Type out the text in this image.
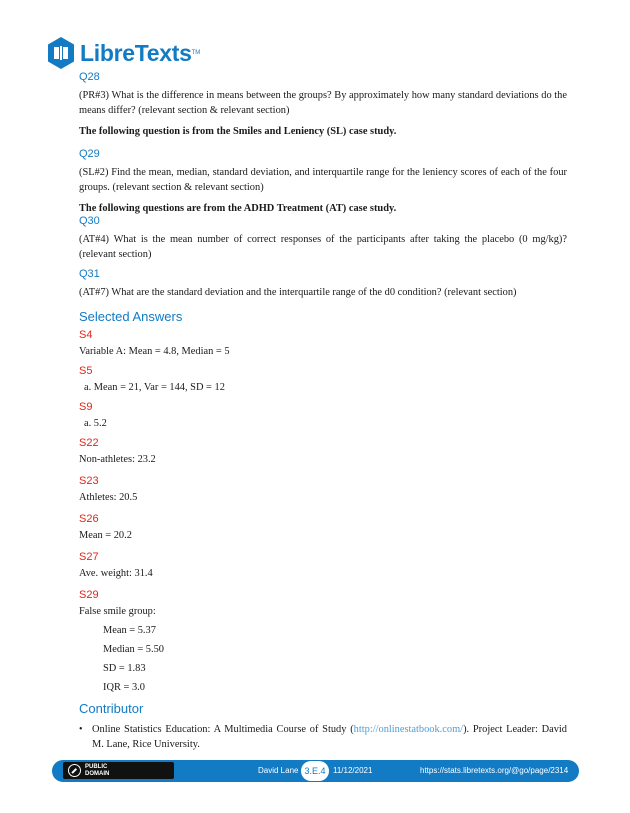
LibreTexts TM

Q28

(PR#3) What is the difference in means between the groups? By approximately how many standard deviations do the means differ? (relevant section & relevant section)

The following question is from the Smiles and Leniency (SL) case study.

Q29

(SL#2) Find the mean, median, standard deviation, and interquartile range for the leniency scores of each of the four groups. (relevant section & relevant section)

The following questions are from the ADHD Treatment (AT) case study.

Q30

(AT#4) What is the mean number of correct responses of the participants after taking the placebo (0 mg/kg)? (relevant section)

Q31

(AT#7) What are the standard deviation and the interquartile range of the d0 condition? (relevant section)

Selected Answers

S4

Variable A: Mean = 4.8, Median = 5

S5

a. Mean = 21, Var = 144, SD = 12

S9

a. 5.2

S22

Non-athletes: 23.2

S23

Athletes: 20.5

S26

Mean = 20.2

S27

Ave. weight: 31.4

S29

False smile group:

Mean = 5.37

Median = 5.50

SD = 1.83

IQR = 3.0

Contributor

• Online Statistics Education: A Multimedia Course of Study (http://onlinestatbook.com/). Project Leader: David M. Lane, Rice University.

PUBLIC
DOMAIN	David Lane 3.E.4 11/12/2021	https://stats.libretexts.org/@go/page/2314
